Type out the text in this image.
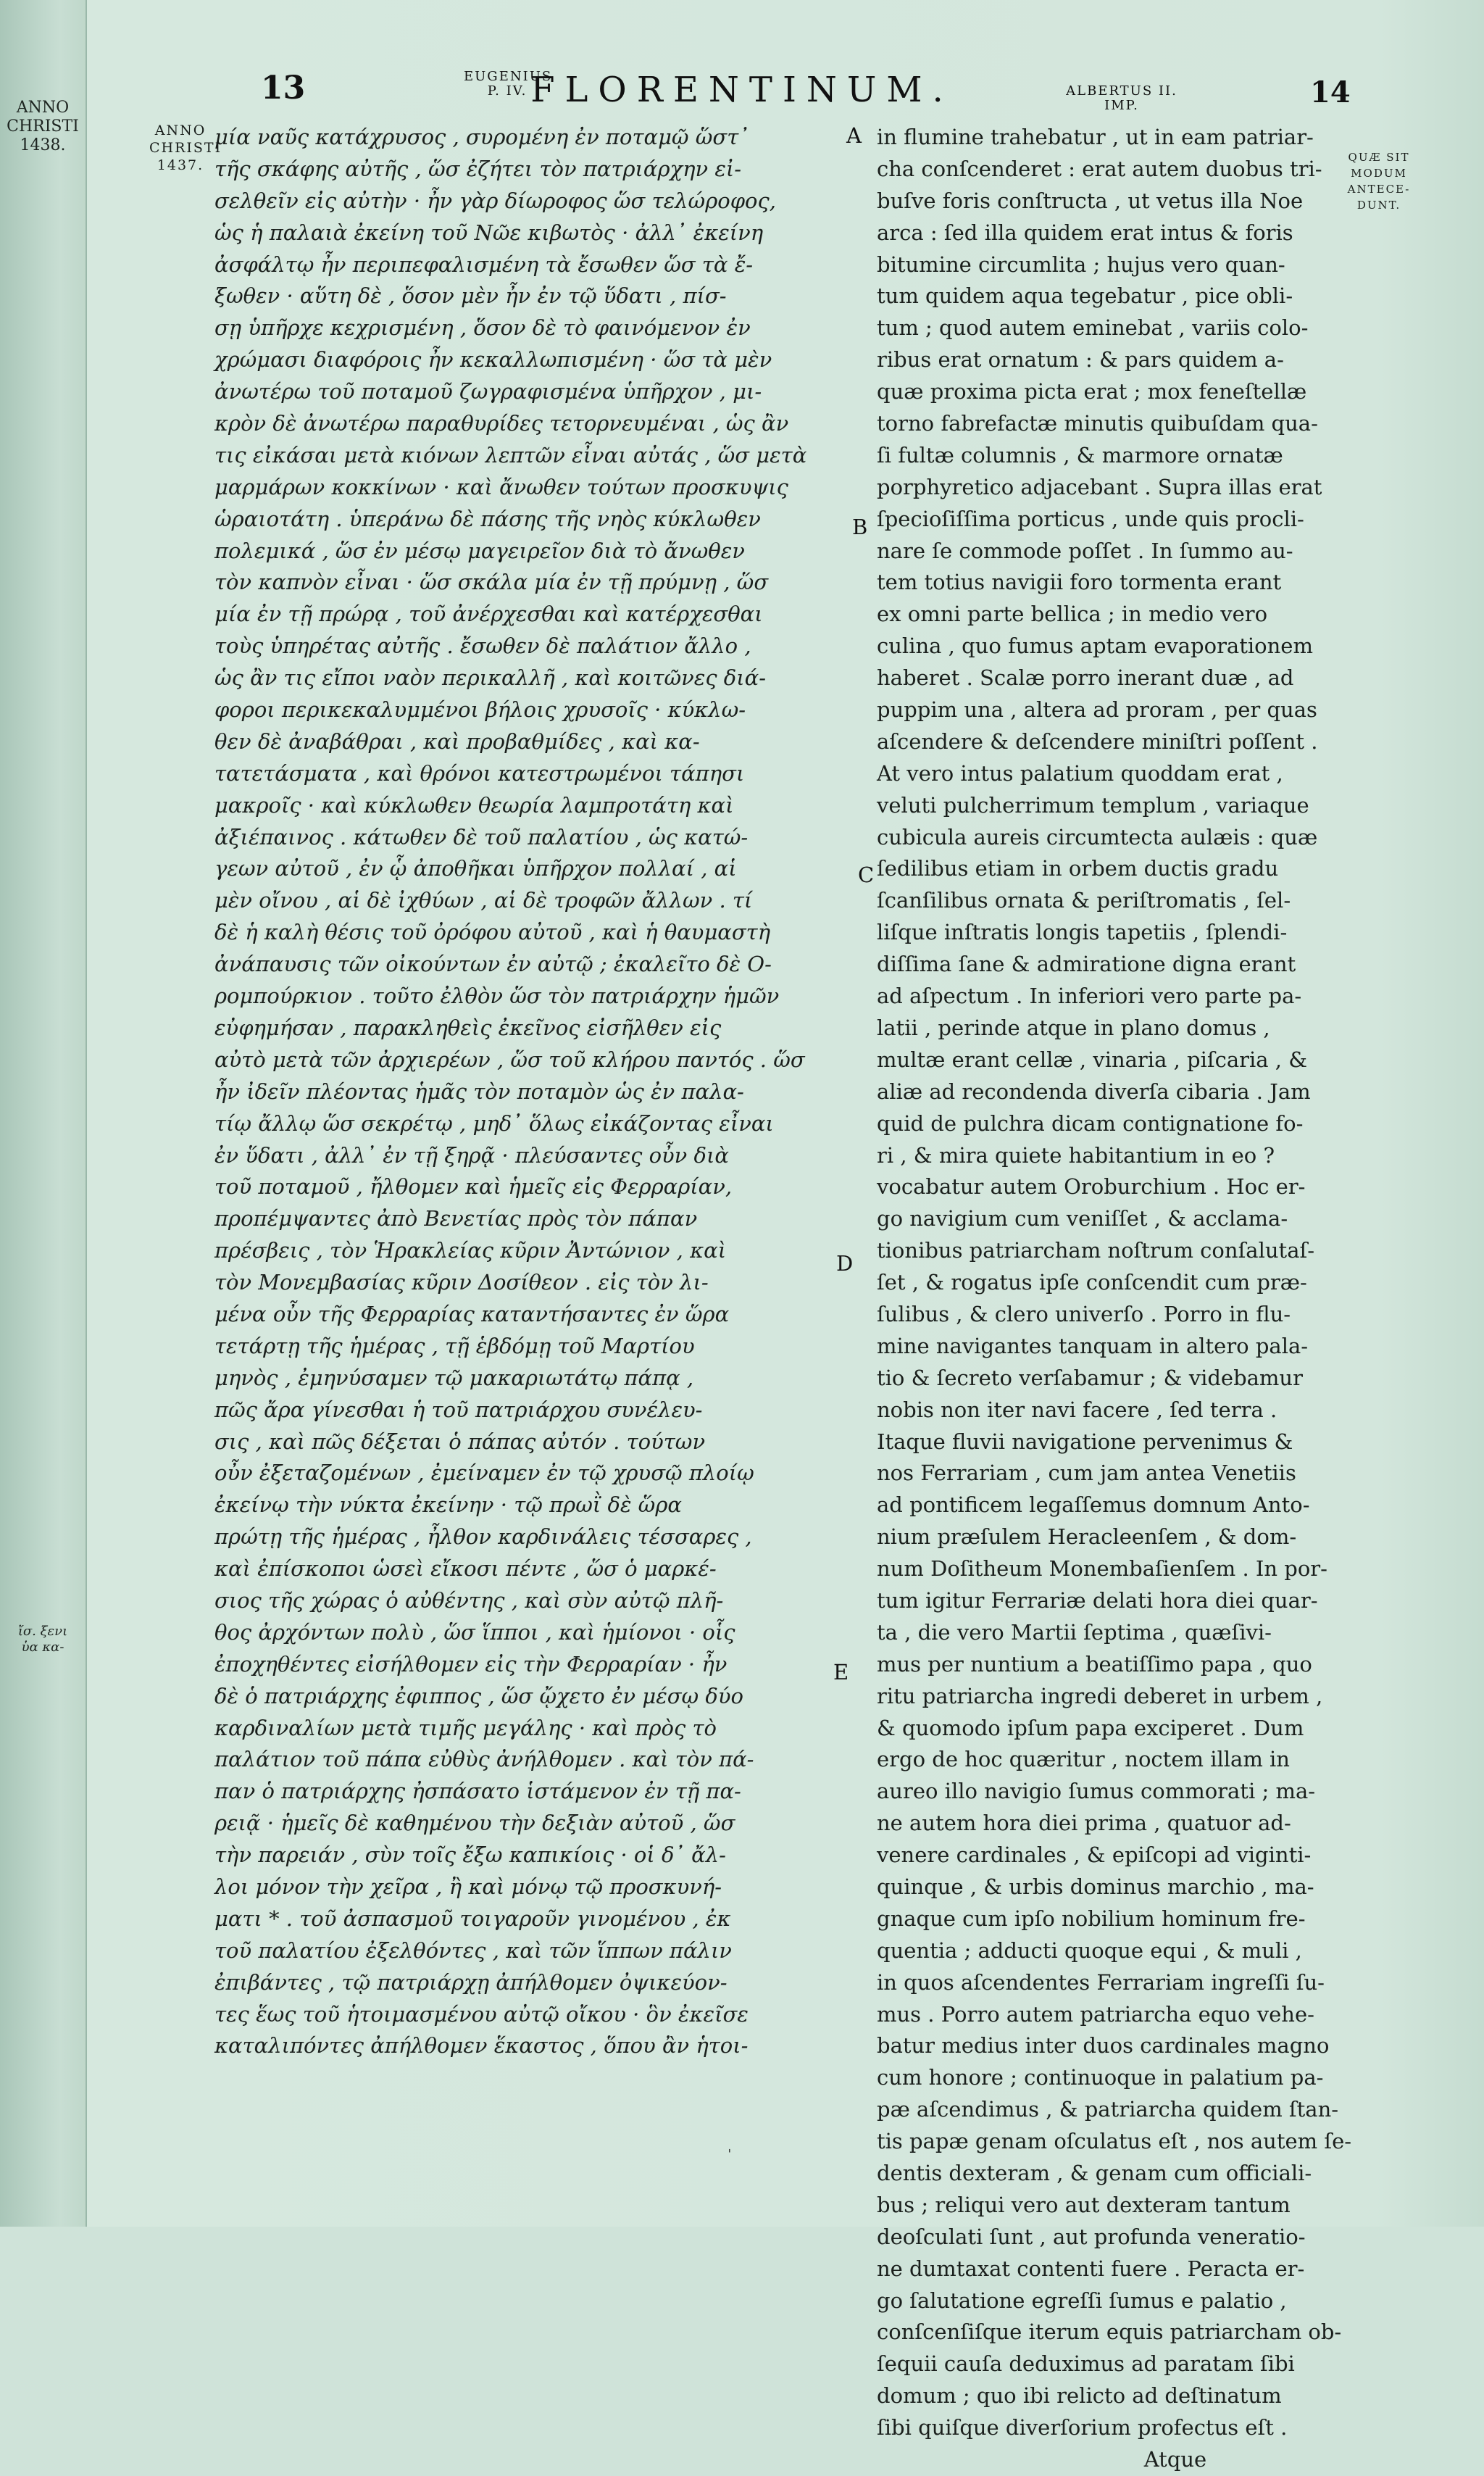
ANNO
CHRISTI
1438.
ἴσ. ξενι
ὑα κα-
13	EUGENIUS
P. IV. FLORENTINUM.	ALBERTUS II.
IMP.	14
ANNO
CHRISTI
1437.	QUÆ SIT
MODUM
ANTECE-
DUNT.
A
B
C
D
E
μία ναῦς κατάχρυσος , συρομένη ἐν ποταμῷ ὥστ᾽
τῆς σκάφης αὐτῆς , ὥσ ἐζήτει τὸν πατριάρχην εἰ-
σελθεῖν εἰς αὐτὴν · ἦν γὰρ δίωροφος ὥσ τελώροφος,
ὡς ἡ παλαιὰ ἐκείνη τοῦ Νῶε κιβωτὸς · ἀλλ᾽ ἐκείνη
ἀσφάλτῳ ἦν περιπεφαλισμένη τὰ ἔσωθεν ὥσ τὰ ἔ-
ξωθεν · αὕτη δὲ , ὅσον μὲν ἦν ἐν τῷ ὕδατι , πίσ-
σῃ ὑπῆρχε κεχρισμένη , ὅσον δὲ τὸ φαινόμενον ἐν
χρώμασι διαφόροις ἦν κεκαλλωπισμένη · ὥσ τὰ μὲν
ἀνωτέρω τοῦ ποταμοῦ ζωγραφισμένα ὑπῆρχον , μι-
κρὸν δὲ ἀνωτέρω παραθυρίδες τετορνευμέναι , ὡς ἂν
τις εἰκάσαι μετὰ κιόνων λεπτῶν εἶναι αὐτάς , ὥσ μετὰ
μαρμάρων κοκκίνων · καὶ ἄνωθεν τούτων προσκυψις
ὡραιοτάτη . ὑπεράνω δὲ πάσης τῆς νηὸς κύκλωθεν
πολεμικά , ὥσ ἐν μέσῳ μαγειρεῖον διὰ τὸ ἄνωθεν
τὸν καπνὸν εἶναι · ὥσ σκάλα μία ἐν τῇ πρύμνῃ , ὥσ
μία ἐν τῇ πρώρᾳ , τοῦ ἀνέρχεσθαι καὶ κατέρχεσθαι
τοὺς ὑπηρέτας αὐτῆς . ἔσωθεν δὲ παλάτιον ἄλλο ,
ὡς ἂν τις εἴποι ναὸν περικαλλῆ , καὶ κοιτῶνες διά-
φοροι περικεκαλυμμένοι βήλοις χρυσοῖς · κύκλω-
θεν δὲ ἀναβάθραι , καὶ προβαθμίδες , καὶ κα-
τατετάσματα , καὶ θρόνοι κατεστρωμένοι τάπησι
μακροῖς · καὶ κύκλωθεν θεωρία λαμπροτάτη καὶ
ἀξιέπαινος . κάτωθεν δὲ τοῦ παλατίου , ὡς κατώ-
γεων αὐτοῦ , ἐν ᾧ ἀποθῆκαι ὑπῆρχον πολλαί , αἱ
μὲν οἴνου , αἱ δὲ ἰχθύων , αἱ δὲ τροφῶν ἄλλων . τί
δὲ ἡ καλὴ θέσις τοῦ ὀρόφου αὐτοῦ , καὶ ἡ θαυμαστὴ
ἀνάπαυσις τῶν οἰκούντων ἐν αὐτῷ ; ἐκαλεῖτο δὲ Ο-
ρομπούρκιον . τοῦτο ἐλθὸν ὥσ τὸν πατριάρχην ἡμῶν
εὐφημήσαν , παρακληθεὶς ἐκεῖνος εἰσῆλθεν εἰς
αὐτὸ μετὰ τῶν ἀρχιερέων , ὥσ τοῦ κλήρου παντός . ὥσ
ἦν ἰδεῖν πλέοντας ἡμᾶς τὸν ποταμὸν ὡς ἐν παλα-
τίῳ ἄλλῳ ὥσ σεκρέτῳ , μηδ᾽ ὅλως εἰκάζοντας εἶναι
ἐν ὕδατι , ἀλλ᾽ ἐν τῇ ξηρᾷ · πλεύσαντες οὖν διὰ
τοῦ ποταμοῦ , ἤλθομεν καὶ ἡμεῖς εἰς Φερραρίαν,
προπέμψαντες ἀπὸ Βενετίας πρὸς τὸν πάπαν
πρέσβεις , τὸν Ἡρακλείας κῦριν Ἀντώνιον , καὶ
τὸν Μονεμβασίας κῦριν Δοσίθεον . εἰς τὸν λι-
μένα οὖν τῆς Φερραρίας καταντήσαντες ἐν ὥρα
τετάρτῃ τῆς ἡμέρας , τῇ ἑβδόμῃ τοῦ Μαρτίου
μηνὸς , ἐμηνύσαμεν τῷ μακαριωτάτῳ πάπᾳ ,
πῶς ἄρα γίνεσθαι ἡ τοῦ πατριάρχου συνέλευ-
σις , καὶ πῶς δέξεται ὁ πάπας αὐτόν . τούτων
οὖν ἐξεταζομένων , ἐμείναμεν ἐν τῷ χρυσῷ πλοίῳ
ἐκείνῳ τὴν νύκτα ἐκείνην · τῷ πρωῒ δὲ ὥρα
πρώτῃ τῆς ἡμέρας , ἦλθον καρδινάλεις τέσσαρες ,
καὶ ἐπίσκοποι ὡσεὶ εἴκοσι πέντε , ὥσ ὁ μαρκέ-
σιος τῆς χώρας ὁ αὐθέντης , καὶ σὺν αὐτῷ πλῆ-
θος ἀρχόντων πολὺ , ὥσ ἵπποι , καὶ ἡμίονοι · οἷς
ἐποχηθέντες εἰσήλθομεν εἰς τὴν Φερραρίαν · ἦν
δὲ ὁ πατριάρχης ἐφιππος , ὥσ ᾤχετο ἐν μέσῳ δύο
καρδιναλίων μετὰ τιμῆς μεγάλης · καὶ πρὸς τὸ
παλάτιον τοῦ πάπα εὐθὺς ἀνήλθομεν . καὶ τὸν πά-
παν ὁ πατριάρχης ἠσπάσατο ἱστάμενον ἐν τῇ πα-
ρειᾷ · ἡμεῖς δὲ καθημένου τὴν δεξιὰν αὐτοῦ , ὥσ
τὴν παρειάν , σὺν τοῖς ἔξω καπικίοις · οἱ δ᾽ ἄλ-
λοι μόνον τὴν χεῖρα , ἢ καὶ μόνῳ τῷ προσκυνή-
ματι * . τοῦ ἀσπασμοῦ τοιγαροῦν γινομένου , ἐκ
τοῦ παλατίου ἐξελθόντες , καὶ τῶν ἵππων πάλιν
ἐπιβάντες , τῷ πατριάρχῃ ἀπήλθομεν ὀψικεύον-
τες ἕως τοῦ ἡτοιμασμένου αὐτῷ οἴκου · ὃν ἐκεῖσε
καταλιπόντες ἀπήλθομεν ἕκαστος , ὅπου ἂν ἡτοι-
in flumine trahebatur , ut in eam patriar-
cha conſcenderet : erat autem duobus tri-
buſve foris conſtructa , ut vetus illa Noe
arca : ſed illa quidem erat intus & foris
bitumine circumlita ; hujus vero quan-
tum quidem aqua tegebatur , pice obli-
tum ; quod autem eminebat , variis colo-
ribus erat ornatum : & pars quidem a-
quæ proxima picta erat ; mox feneſtellæ
torno fabrefactæ minutis quibuſdam qua-
ſi fultæ columnis , & marmore ornatæ
porphyretico adjacebant . Supra illas erat
ſpecioſiſſima porticus , unde quis procli-
nare ſe commode poſſet . In ſummo au-
tem totius navigii foro tormenta erant
ex omni parte bellica ; in medio vero
culina , quo fumus aptam evaporationem
haberet . Scalæ porro inerant duæ , ad
puppim una , altera ad proram , per quas
aſcendere & deſcendere miniſtri poſſent .
At vero intus palatium quoddam erat ,
veluti pulcherrimum templum , variaque
cubicula aureis circumtecta aulæis : quæ
ſedilibus etiam in orbem ductis gradu
ſcanſilibus ornata & periſtromatis , ſel-
liſque inſtratis longis tapetiis , ſplendi-
diſſima ſane & admiratione digna erant
ad aſpectum . In inferiori vero parte pa-
latii , perinde atque in plano domus ,
multæ erant cellæ , vinaria , piſcaria , &
aliæ ad recondenda diverſa cibaria . Jam
quid de pulchra dicam contignatione fo-
ri , & mira quiete habitantium in eo ?
vocabatur autem Oroburchium . Hoc er-
go navigium cum veniſſet , & acclama-
tionibus patriarcham noſtrum conſalutaſ-
ſet , & rogatus ipſe conſcendit cum præ-
ſulibus , & clero univerſo . Porro in flu-
mine navigantes tanquam in altero pala-
tio & ſecreto verſabamur ; & videbamur
nobis non iter navi facere , ſed terra .
Itaque fluvii navigatione pervenimus &
nos Ferrariam , cum jam antea Venetiis
ad pontificem legaſſemus domnum Anto-
nium præſulem Heracleenſem , & dom-
num Doſitheum Monembaſienſem . In por-
tum igitur Ferrariæ delati hora diei quar-
ta , die vero Martii ſeptima , quæſivi-
mus per nuntium a beatiſſimo papa , quo
ritu patriarcha ingredi deberet in urbem ,
& quomodo ipſum papa exciperet . Dum
ergo de hoc quæritur , noctem illam in
aureo illo navigio ſumus commorati ; ma-
ne autem hora diei prima , quatuor ad-
venere cardinales , & epiſcopi ad viginti-
quinque , & urbis dominus marchio , ma-
gnaque cum ipſo nobilium hominum fre-
quentia ; adducti quoque equi , & muli ,
in quos aſcendentes Ferrariam ingreſſi ſu-
mus . Porro autem patriarcha equo vehe-
batur medius inter duos cardinales magno
cum honore ; continuoque in palatium pa-
pæ aſcendimus , & patriarcha quidem ſtan-
tis papæ genam oſculatus eſt , nos autem ſe-
dentis dexteram , & genam cum officiali-
bus ; reliqui vero aut dexteram tantum
deoſculati ſunt , aut profunda veneratio-
ne dumtaxat contenti fuere . Peracta er-
go ſalutatione egreſſi ſumus e palatio ,
conſcenſiſque iterum equis patriarcham ob-
ſequii cauſa deduximus ad paratam ſibi
domum ; quo ibi relicto ad deſtinatum
ſibi quiſque diverſorium profectus eſt .
Atque
ˌ
